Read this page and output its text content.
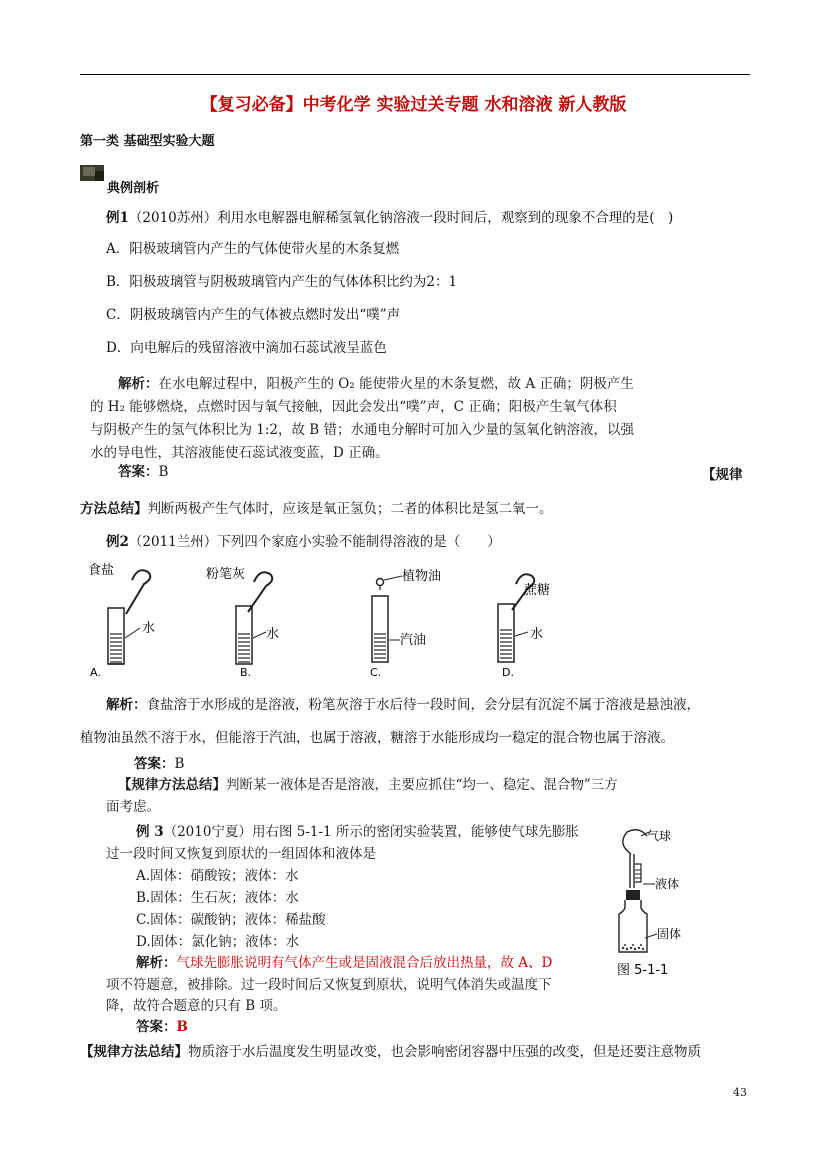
【复习必备】中考化学 实验过关专题 水和溶液 新人教版
第一类 基础型实验大题
典例剖析
例1（2010苏州）利用水电解器电解稀氢氧化钠溶液一段时间后，观察到的现象不合理的是(　)
A．阳极玻璃管内产生的气体使带火星的木条复燃
B．阳极玻璃管与阴极玻璃管内产生的气体体积比约为2：1
C．阴极玻璃管内产生的气体被点燃时发出“噗”声
D．向电解后的残留溶液中滴加石蕊试液呈蓝色
解析：在水电解过程中，阳极产生的 O₂ 能使带火星的木条复燃，故 A 正确；阴极产生
的 H₂ 能够燃烧，点燃时因与氧气接触，因此会发出“噗”声，C 正确；阳极产生氧气体积
与阴极产生的氢气体积比为 1:2，故 B 错；水通电分解时可加入少量的氢氧化钠溶液，以强
水的导电性，其溶液能使石蕊试液变蓝，D 正确。
答案：B	【规律
方法总结】判断两极产生气体时，应该是氧正氢负；二者的体积比是氢二氧一。
例2（2011兰州）下列四个家庭小实验不能制得溶液的是（　　）
食盐
水
A.
粉笔灰
水
B.
植物油
汽油
C.
蔗糖
水
D.
解析：食盐溶于水形成的是溶液，粉笔灰溶于水后待一段时间，会分层有沉淀不属于溶液是悬浊液，
植物油虽然不溶于水，但能溶于汽油，也属于溶液，糖溶于水能形成均一稳定的混合物也属于溶液。
答案：B
【规律方法总结】判断某一液体是否是溶液，主要应抓住“均一、稳定、混合物”三方
面考虑。
例 3（2010宁夏）用右图 5-1-1 所示的密闭实验装置，能够使气球先膨胀
过一段时间又恢复到原状的一组固体和液体是
A.固体：硝酸铵；液体：水
B.固体：生石灰；液体：水
C.固体：碳酸钠；液体：稀盐酸
D.固体：氯化钠；液体：水
解析：气球先膨胀说明有气体产生或是固液混合后放出热量，故 A、D
项不符题意，被排除。过一段时间后又恢复到原状，说明气体消失或温度下
降，故符合题意的只有 B 项。
答案：B
气球
液体
固体
图 5-1-1
【规律方法总结】物质溶于水后温度发生明显改变，也会影响密闭容器中压强的改变，但是还要注意物质
43
